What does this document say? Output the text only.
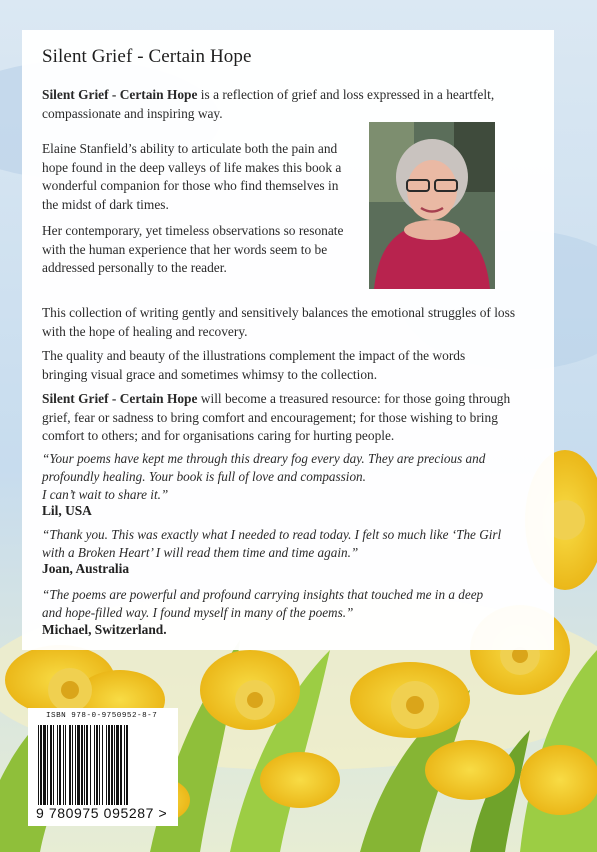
Silent Grief - Certain Hope

Silent Grief - Certain Hope is a reflection of grief and loss expressed in a heartfelt, compassionate and inspiring way.

Elaine Stanfield’s ability to articulate both the pain and hope found in the deep valleys of life makes this book a wonderful companion for those who find themselves in the midst of dark times.

Her contemporary, yet timeless observations so resonate with the human experience that her words seem to be addressed personally to the reader.

This collection of writing gently and sensitively balances the emotional struggles of loss with the hope of healing and recovery.

The quality and beauty of the illustrations complement the impact of the words bringing visual grace and sometimes whimsy to the collection.

Silent Grief - Certain Hope will become a treasured resource: for those going through grief, fear or sadness to bring comfort and encouragement; for those wishing to bring comfort to others; and for organisations caring for hurting people.

“Your poems have kept me through this dreary fog every day. They are precious and
profoundly healing. Your book is full of love and compassion.
I can’t wait to share it.”

Lil, USA

“Thank you. This was exactly what I needed to read today. I felt so much like ‘The Girl
with a Broken Heart’ I will read them time and time again.”

Joan, Australia

“The poems are powerful and profound carrying insights that touched me in a deep
and hope-filled way. I found myself in many of the poems.”

Michael, Switzerland.

ISBN 978-0-9750952-8-7
9 780975 095287 >
